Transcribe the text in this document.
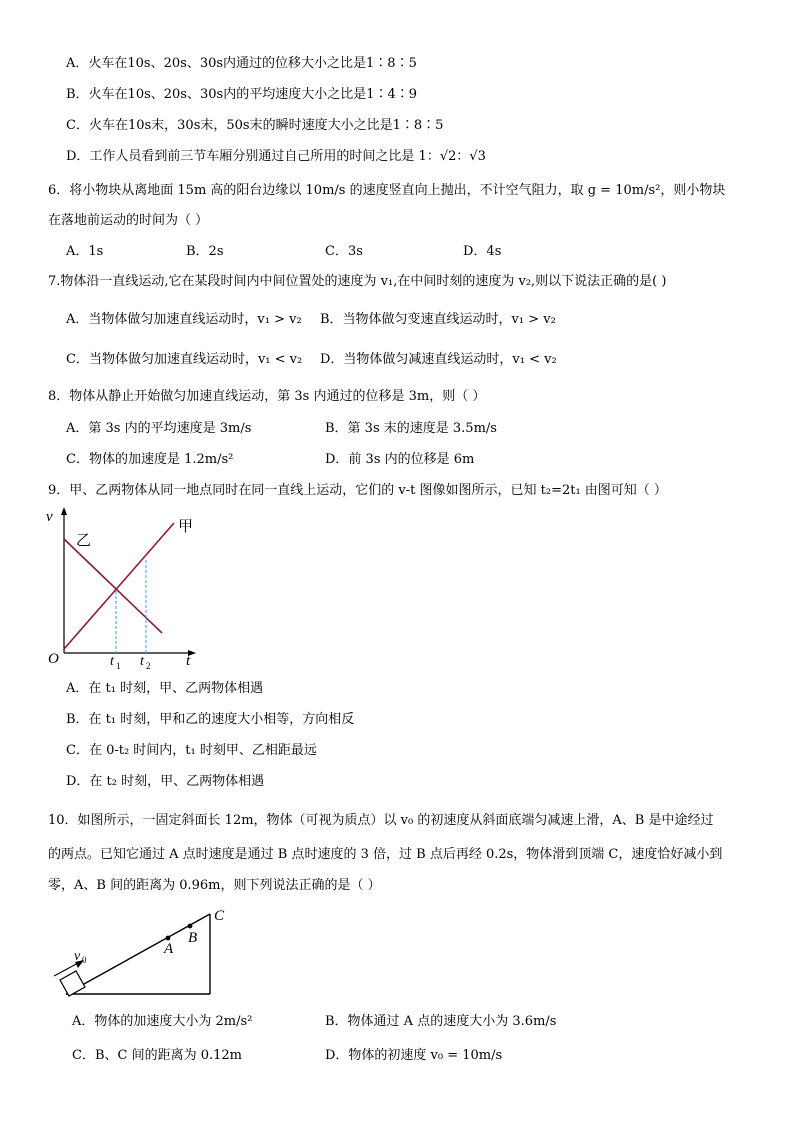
A．火车在10s、20s、30s内通过的位移大小之比是1∶8∶5
B．火车在10s、20s、30s内的平均速度大小之比是1∶4∶9
C．火车在10s末，30s末，50s末的瞬时速度大小之比是1∶8∶5
D．工作人员看到前三节车厢分别通过自己所用的时间之比是 1：√2：√3
6．将小物块从离地面 15m 高的阳台边缘以 10m/s 的速度竖直向上抛出，不计空气阻力，取 g = 10m/s²，则小物块
在落地前运动的时间为（ ）
A．1s	B．2s	C．3s	D．4s
7.物体沿一直线运动,它在某段时间内中间位置处的速度为 v₁,在中间时刻的速度为 v₂,则以下说法正确的是( )
A．当物体做匀加速直线运动时，v₁ > v₂ B．当物体做匀变速直线运动时，v₁ > v₂
C．当物体做匀加速直线运动时，v₁ < v₂ D．当物体做匀减速直线运动时，v₁ < v₂
8．物体从静止开始做匀加速直线运动，第 3s 内通过的位移是 3m，则（ ）
A．第 3s 内的平均速度是 3m/s	B．第 3s 末的速度是 3.5m/s
C．物体的加速度是 1.2m/s²	D．前 3s 内的位移是 6m
9．甲、乙两物体从同一地点同时在同一直线上运动，它们的 v-t 图像如图所示，已知 t₂=2t₁ 由图可知（ ）
v
乙
甲
O	t
t 1 t 2
A．在 t₁ 时刻，甲、乙两物体相遇
B．在 t₁ 时刻，甲和乙的速度大小相等，方向相反
C．在 0-t₂ 时间内，t₁ 时刻甲、乙相距最远
D．在 t₂ 时刻，甲、乙两物体相遇
10．如图所示，一固定斜面长 12m，物体（可视为质点）以 v₀ 的初速度从斜面底端匀减速上滑，A、B 是中途经过
的两点。已知它通过 A 点时速度是通过 B 点时速度的 3 倍，过 B 点后再经 0.2s，物体滑到顶端 C，速度恰好减小到
零，A、B 间的距离为 0.96m，则下列说法正确的是（ ）
v 0
A
B
C
A．物体的加速度大小为 2m/s²	B．物体通过 A 点的速度大小为 3.6m/s
C．B、C 间的距离为 0.12m	D．物体的初速度 v₀ = 10m/s
